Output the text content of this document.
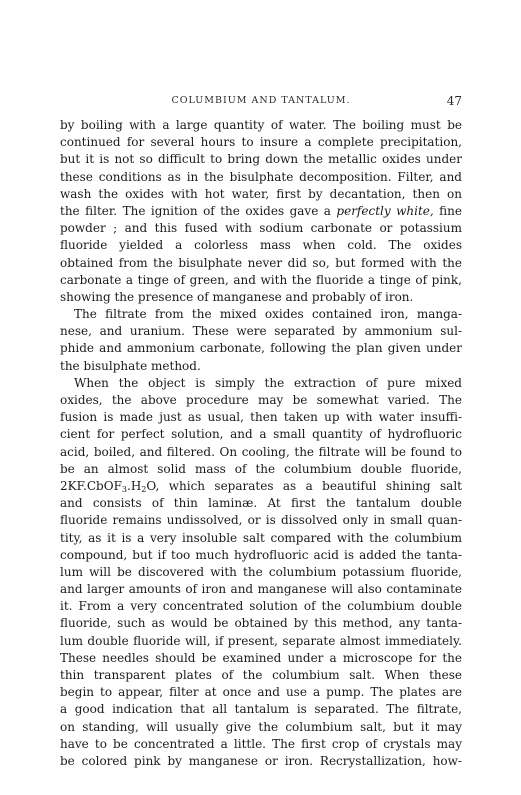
COLUMBIUM AND TANTALUM.	47
by boiling with a large quantity of water. The boiling must be
continued for several hours to insure a complete precipitation,
but it is not so difficult to bring down the metallic oxides under
these conditions as in the bisulphate decomposition. Filter, and
wash the oxides with hot water, first by decantation, then on
the filter. The ignition of the oxides gave a perfectly white, fine
powder ; and this fused with sodium carbonate or potassium
fluoride yielded a colorless mass when cold. The oxides
obtained from the bisulphate never did so, but formed with the
carbonate a tinge of green, and with the fluoride a tinge of pink,
showing the presence of manganese and probably of iron.
The filtrate from the mixed oxides contained iron, manga-
nese, and uranium. These were separated by ammonium sul-
phide and ammonium carbonate, following the plan given under
the bisulphate method.
When the object is simply the extraction of pure mixed
oxides, the above procedure may be somewhat varied. The
fusion is made just as usual, then taken up with water insuffi-
cient for perfect solution, and a small quantity of hydrofluoric
acid, boiled, and filtered. On cooling, the filtrate will be found to
be an almost solid mass of the columbium double fluoride,
$2KF.CbOF_3.H_2O$, which separates as a beautiful shining salt
and consists of thin laminæ. At first the tantalum double
fluoride remains undissolved, or is dissolved only in small quan-
tity, as it is a very insoluble salt compared with the columbium
compound, but if too much hydrofluoric acid is added the tanta-
lum will be discovered with the columbium potassium fluoride,
and larger amounts of iron and manganese will also contaminate
it. From a very concentrated solution of the columbium double
fluoride, such as would be obtained by this method, any tanta-
lum double fluoride will, if present, separate almost immediately.
These needles should be examined under a microscope for the
thin transparent plates of the columbium salt. When these
begin to appear, filter at once and use a pump. The plates are
a good indication that all tantalum is separated. The filtrate,
on standing, will usually give the columbium salt, but it may
have to be concentrated a little. The first crop of crystals may
be colored pink by manganese or iron. Recrystallization, how-
